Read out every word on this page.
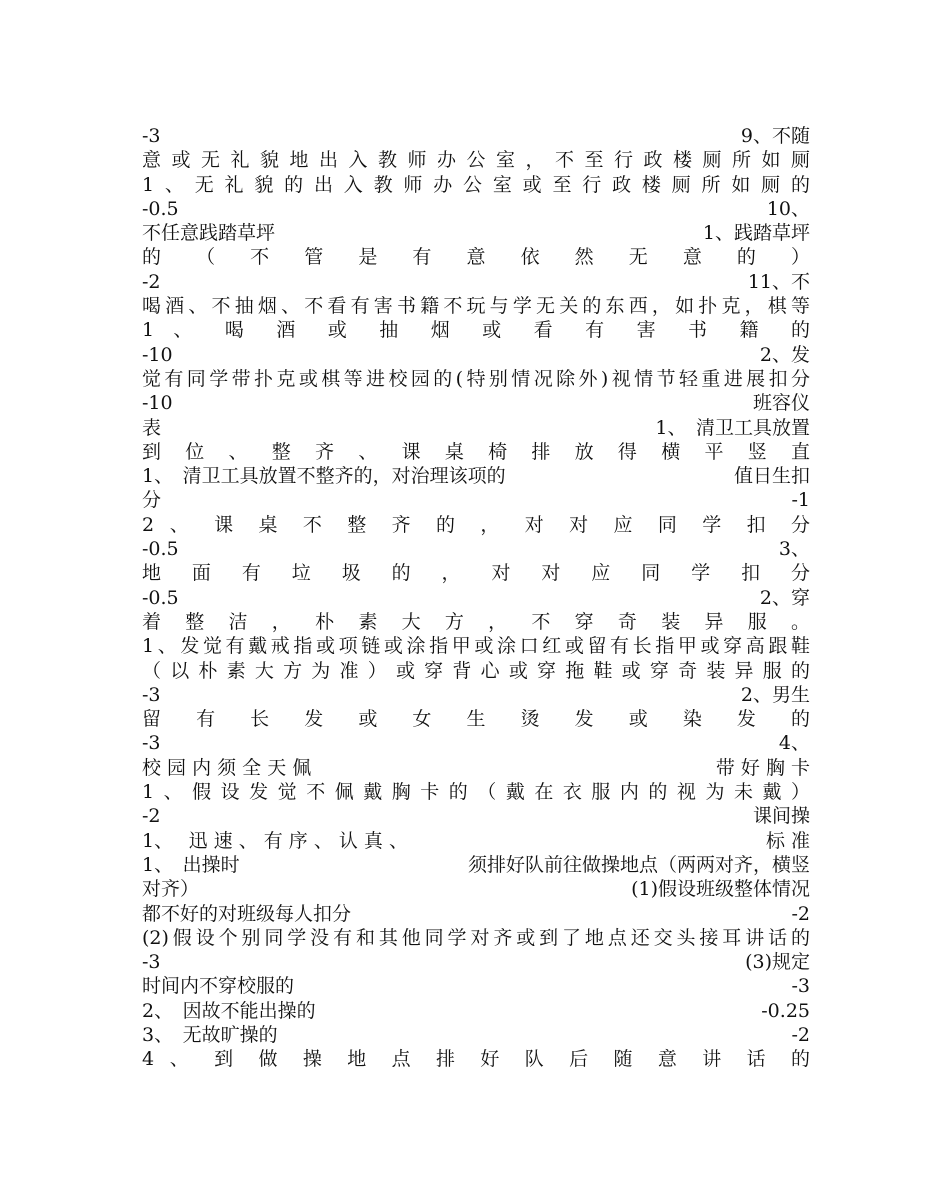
-3	9、不随
意或无礼貌地出入教师办公室，不至行政楼厕所如厕
1、无礼貌的出入教师办公室或至行政楼厕所如厕的
-0.5	10、
不任意践踏草坪	1、践踏草坪
的 （ 不 管 是 有 意 依 然 无 意 的 ）
-2	11、不
喝酒、不抽烟、不看有害书籍不玩与学无关的东西，如扑克，棋等
1 、 喝 酒 或 抽 烟 或 看 有 害 书 籍 的
-10	2、发
觉有同学带扑克或棋等进校园的(特别情况除外)视情节轻重进展扣分
-10	班容仪
表	1、　清卫工具放置
到 位 、 整 齐 、 课 桌 椅 排 放 得 横 平 竖 直
1、　清卫工具放置不整齐的，对治理该项的	值日生扣
分	-1
2 、 课 桌 不 整 齐 的 ， 对 对 应 同 学 扣 分
-0.5	3、
地 面 有 垃 圾 的 ， 对 对 应 同 学 扣 分
-0.5	2、穿
着 整 洁 ， 朴 素 大 方 ， 不 穿 奇 装 异 服 。
1、发觉有戴戒指或项链或涂指甲或涂口红或留有长指甲或穿高跟鞋
（以朴素大方为准）或穿背心或穿拖鞋或穿奇装异服的
-3	2、男生
留 有 长 发 或 女 生 烫 发 或 染 发 的
-3	4、
校 园 内 须 全 天 佩	带 好 胸 卡
1、假设发觉不佩戴胸卡的（戴在衣服内的视为未戴）
-2	课间操
1、　 迅 速 、 有 序 、 认 真 、	标 准
1、　出操时	须排好队前往做操地点（两两对齐，横竖
对齐）	(1)假设班级整体情况
都不好的对班级每人扣分	-2
(2)假设个别同学没有和其他同学对齐或到了地点还交头接耳讲话的
-3	(3)规定
时间内不穿校服的	-3
2、　因故不能出操的	-0.25
3、　无故旷操的	-2
4 、 到 做 操 地 点 排 好 队 后 随 意 讲 话 的
